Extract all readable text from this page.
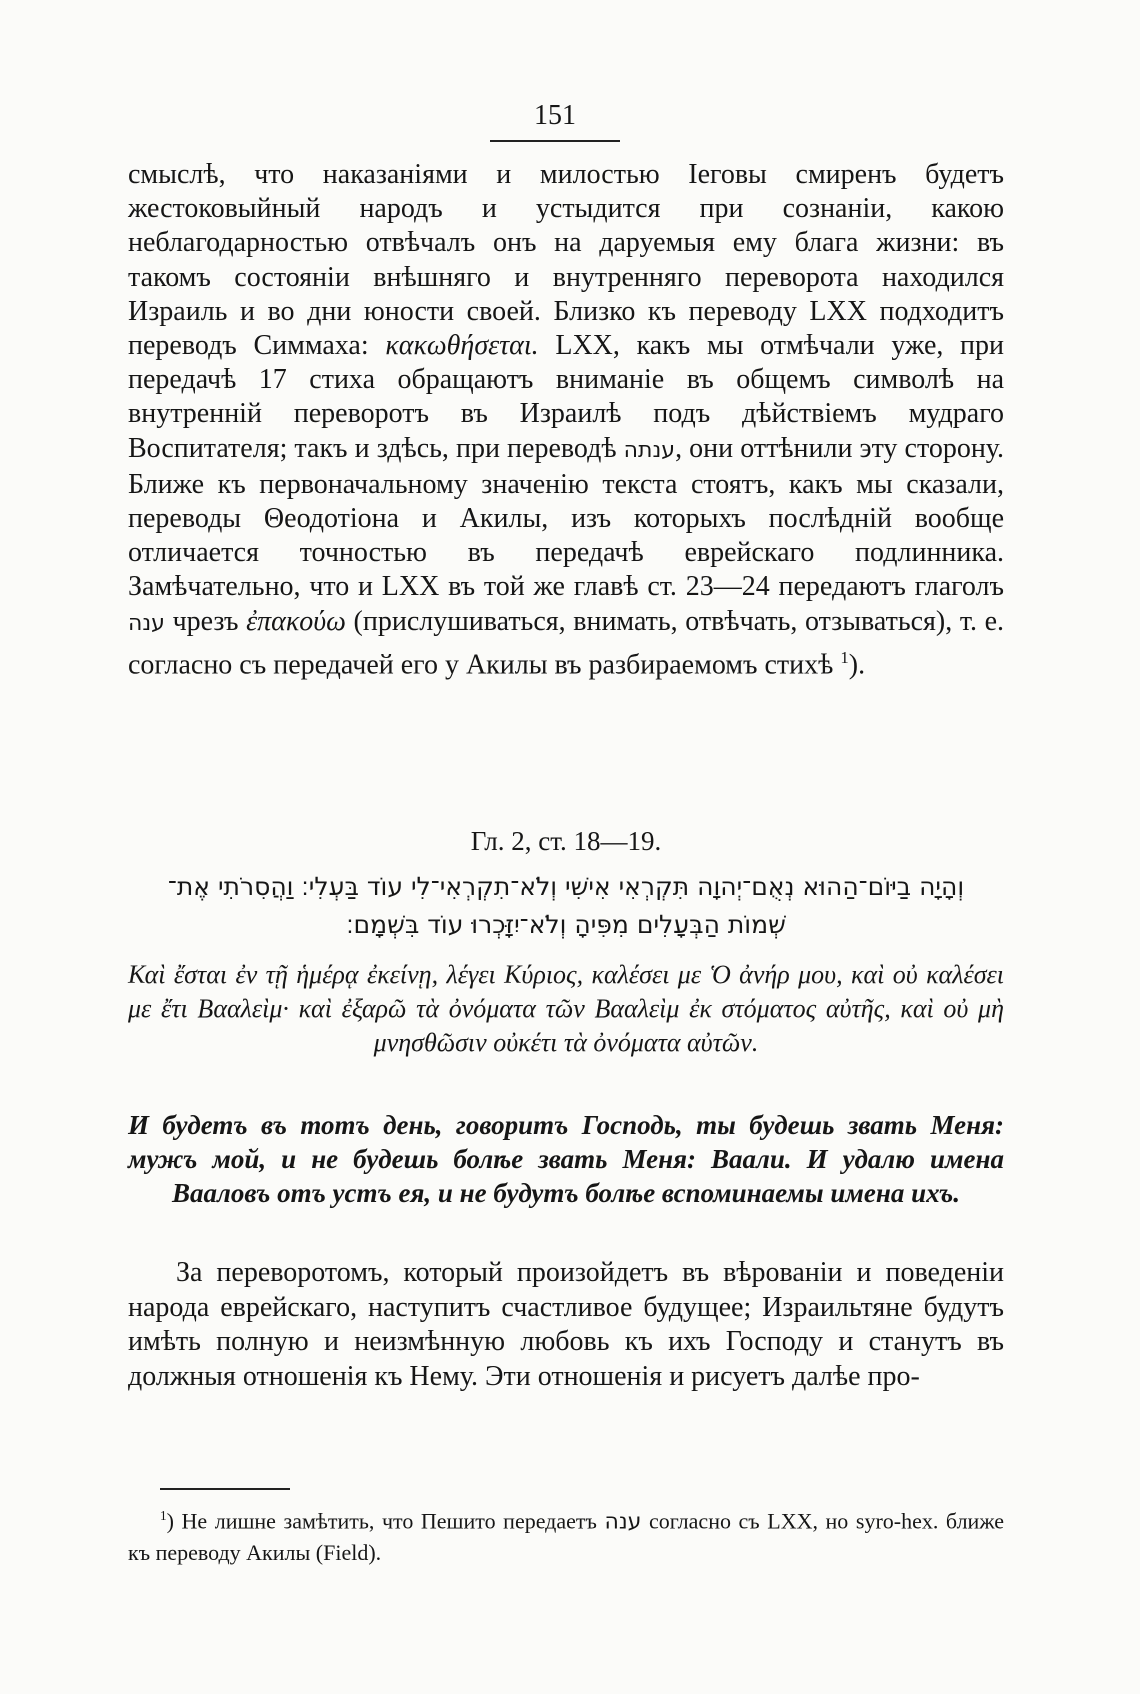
151

смыслѣ, что наказаніями и милостью Іеговы смиренъ будетъ жестоковыйный народъ и устыдится при сознаніи, какою неблагодарностью отвѣчалъ онъ на даруемыя ему блага жизни: въ такомъ состояніи внѣшняго и внутренняго переворота находился Израиль и во дни юности своей. Близко къ переводу LXX подходитъ переводъ Симмаха: κακωθήσεται. LXX, какъ мы отмѣчали уже, при передачѣ 17 стиха обращаютъ вниманіе въ общемъ символѣ на внутренній переворотъ въ Израилѣ подъ дѣйствіемъ мудраго Воспитателя; такъ и здѣсь, при переводѣ ענתה, они оттѣнили эту сторону. Ближе къ первоначальному значенію текста стоятъ, какъ мы сказали, переводы Θеодотіона и Акилы, изъ которыхъ послѣдній вообще отличается точностью въ передачѣ еврейскаго подлинника. Замѣчательно, что и LXX въ той же главѣ ст. 23—24 передаютъ глаголъ ענה чрезъ ἐπακούω (прислушиваться, внимать, отвѣчать, отзываться), т. е. согласно съ передачей его у Акилы въ разбираемомъ стихѣ $^1$).

Гл. 2, ст. 18—19.
וְהָיָה בַיּוֹם־הַהוּא נְאֻם־יְהוָה תִּקְרְאִי אִישִׁי וְלֹא־תִקְרְאִי־לִי עוֹד בַּעְלִי׃ וַהֲסִרֹתִי אֶת־
שְׁמוֹת הַבְּעָלִים מִפִּיהָ וְלֹא־יִזָּכְרוּ עוֹד בִּשְׁמָם׃
Καὶ ἔσται ἐν τῇ ἡμέρᾳ ἐκείνῃ, λέγει Κύριος, καλέσει με Ὁ ἀνήρ μου, καὶ οὐ καλέσει με ἔτι Βααλεὶμ· καὶ ἐξαρῶ τὰ ὀνόματα τῶν Βααλεὶμ ἐκ στόματος αὐτῆς, καὶ οὐ μὴ μνησθῶσιν οὐκέτι τὰ ὀνόματα αὐτῶν.
И будетъ въ тотъ день, говоритъ Господь, ты будешь звать Меня: мужъ мой, и не будешь болѣе звать Меня: Ваали. И удалю имена Вааловъ отъ устъ ея, и не будутъ болѣе вспоминаемы имена ихъ.
За переворотомъ, который произойдетъ въ вѣрованіи и поведеніи народа еврейскаго, наступитъ счастливое будущее; Израильтяне будутъ имѣть полную и неизмѣнную любовь къ ихъ Господу и станутъ въ должныя отношенія къ Нему. Эти отношенія и рисуетъ далѣе про-
$^1$) Не лишне замѣтить, что Пешито передаетъ ענה согласно съ LXX, но syro-hex. ближе къ переводу Акилы (Field).
